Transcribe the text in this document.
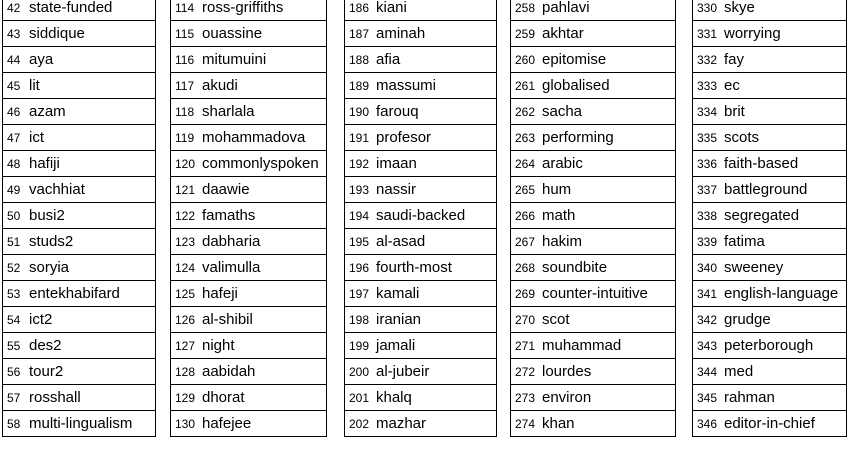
42 state-funded
43 siddique
44 aya
45 lit
46 azam
47 ict
48 hafiji
49 vachhiat
50 busi2
51 studs2
52 soryia
53 entekhabifard
54 ict2
55 des2
56 tour2
57 rosshall
58 multi-lingualism
114 ross-griffiths
115 ouassine
116 mitumuini
117 akudi
118 sharlala
119 mohammadova
120 commonlyspoken
121 daawie
122 famaths
123 dabharia
124 valimulla
125 hafeji
126 al-shibil
127 night
128 aabidah
129 dhorat
130 hafejee
186 kiani
187 aminah
188 afia
189 massumi
190 farouq
191 profesor
192 imaan
193 nassir
194 saudi-backed
195 al-asad
196 fourth-most
197 kamali
198 iranian
199 jamali
200 al-jubeir
201 khalq
202 mazhar
258 pahlavi
259 akhtar
260 epitomise
261 globalised
262 sacha
263 performing
264 arabic
265 hum
266 math
267 hakim
268 soundbite
269 counter-intuitive
270 scot
271 muhammad
272 lourdes
273 environ
274 khan
330 skye
331 worrying
332 fay
333 ec
334 brit
335 scots
336 faith-based
337 battleground
338 segregated
339 fatima
340 sweeney
341 english-language
342 grudge
343 peterborough
344 med
345 rahman
346 editor-in-chief
